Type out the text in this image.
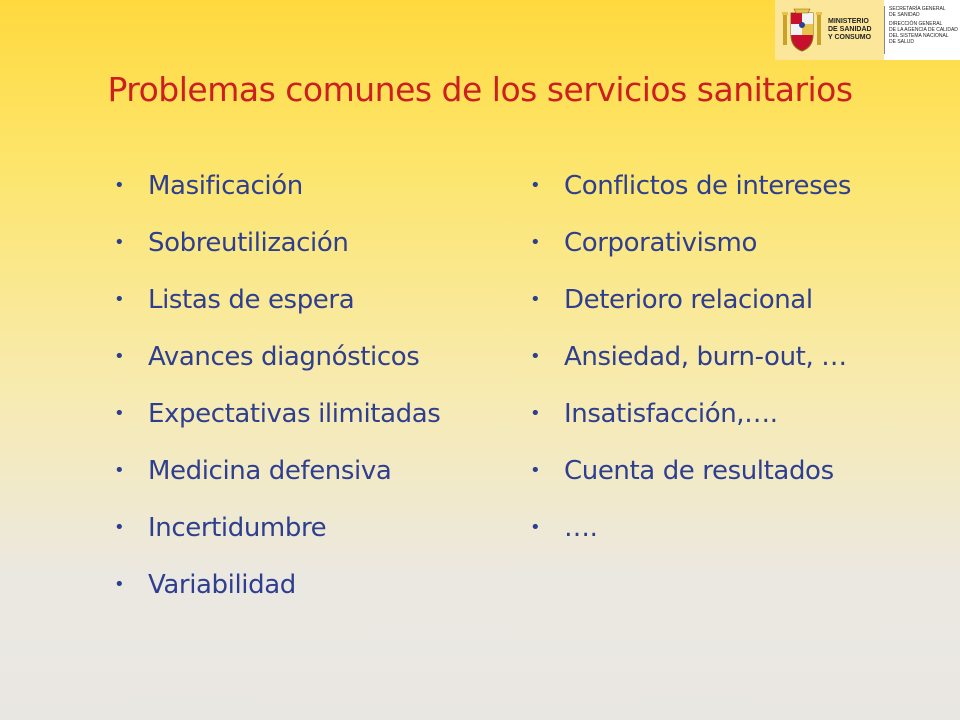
MINISTERIO
DE SANIDAD
Y CONSUMO
SECRETARÍA GENERAL
DE SANIDAD
DIRECCIÓN GENERAL
DE LA AGENCIA DE CALIDAD
DEL SISTEMA NACIONAL
DE SALUD
Problemas comunes de los servicios sanitarios
• Masificación
• Sobreutilización
• Listas de espera
• Avances diagnósticos
• Expectativas ilimitadas
• Medicina defensiva
• Incertidumbre
• Variabilidad
• Conflictos de intereses
• Corporativismo
• Deterioro relacional
• Ansiedad, burn-out, …
• Insatisfacción,….
• Cuenta de resultados
• ….
